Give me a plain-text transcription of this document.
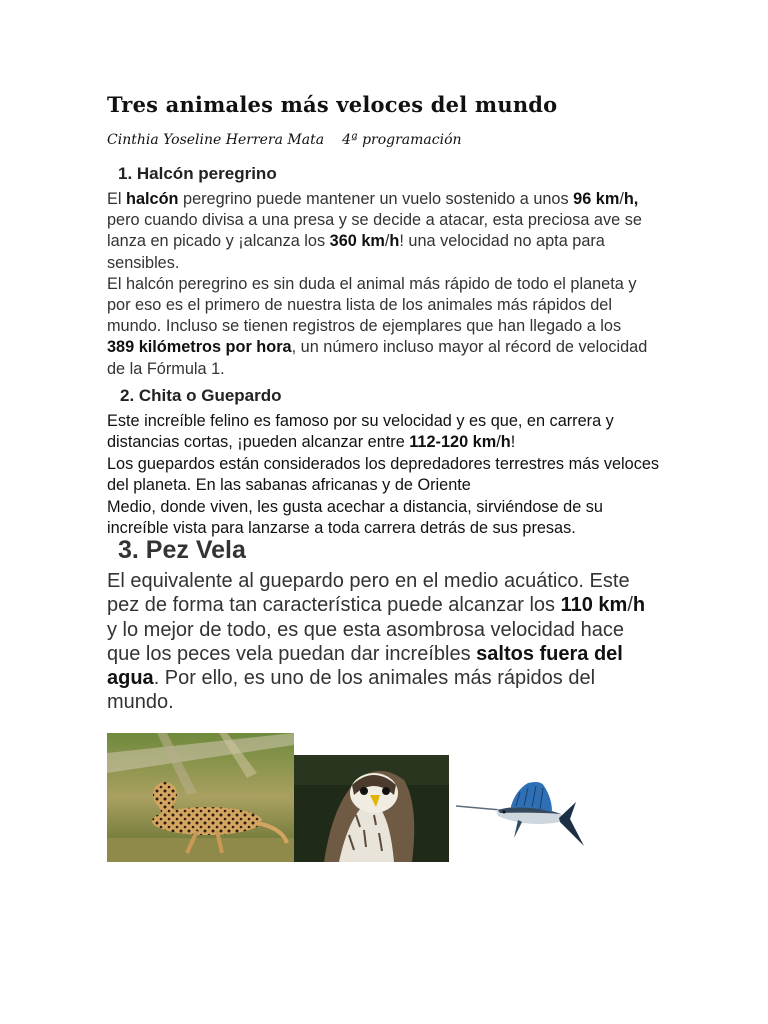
Tres animales más veloces del mundo
Cinthia Yoseline Herrera Mata 4ª programación
1. Halcón peregrino

El halcón peregrino puede mantener un vuelo sostenido a unos 96 km/h, pero cuando divisa a una presa y se decide a atacar, esta preciosa ave se lanza en picado y ¡alcanza los 360 km/h! una velocidad no apta para sensibles.
El halcón peregrino es sin duda el animal más rápido de todo el planeta y por eso es el primero de nuestra lista de los animales más rápidos del mundo. Incluso se tienen registros de ejemplares que han llegado a los 389 kilómetros por hora, un número incluso mayor al récord de velocidad de la Fórmula 1.

2. Chita o Guepardo

Este increíble felino es famoso por su velocidad y es que, en carrera y distancias cortas, ¡pueden alcanzar entre 112-120 km/h!
Los guepardos están considerados los depredadores terrestres más veloces del planeta. En las sabanas africanas y de Oriente
Medio, donde viven, les gusta acechar a distancia, sirviéndose de su increíble vista para lanzarse a toda carrera detrás de sus presas.

3. Pez Vela

El equivalente al guepardo pero en el medio acuático. Este pez de forma tan característica puede alcanzar los 110 km/h y lo mejor de todo, es que esta asombrosa velocidad hace que los peces vela puedan dar increíbles saltos fuera del agua. Por ello, es uno de los animales más rápidos del mundo.
